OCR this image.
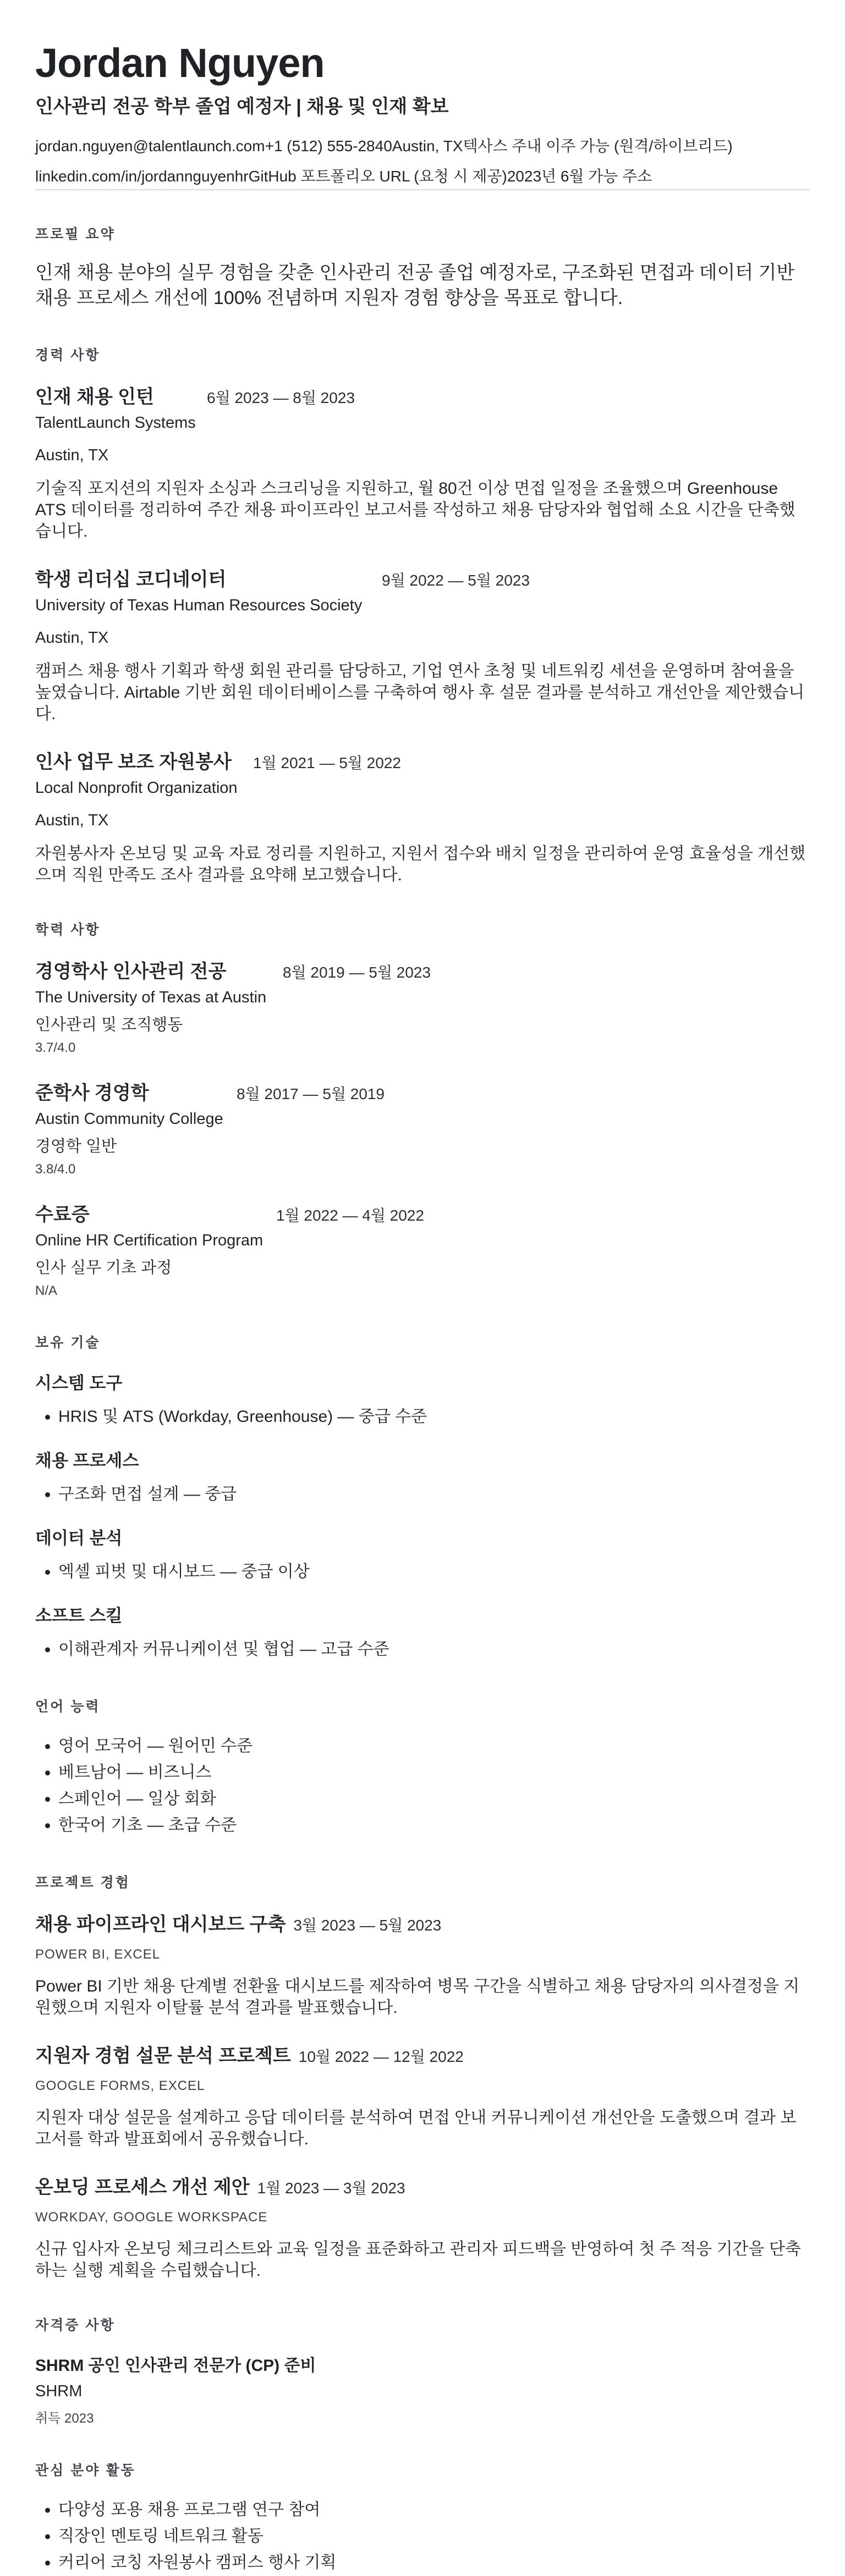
Jordan Nguyen
인사관리 전공 학부 졸업 예정자 | 채용 및 인재 확보
jordan.nguyen@talentlaunch.com+1 (512) 555-2840Austin, TX텍사스 주내 이주 가능 (원격/하이브리드)
linkedin.com/in/jordannguyenhrGitHub 포트폴리오 URL (요청 시 제공)2023년 6월 가능 주소
프로필 요약

인재 채용 분야의 실무 경험을 갖춘 인사관리 전공 졸업 예정자로, 구조화된 면접과 데이터 기반 채용 프로세스 개선에 100% 전념하며 지원자 경험 향상을 목표로 합니다.

경력 사항
인재 채용 인턴	6월 2023 — 8월 2023
TalentLaunch Systems
Austin, TX
기술직 포지션의 지원자 소싱과 스크리닝을 지원하고, 월 80건 이상 면접 일정을 조율했으며 Greenhouse ATS 데이터를 정리하여 주간 채용 파이프라인 보고서를 작성하고 채용 담당자와 협업해 소요 시간을 단축했습니다.
학생 리더십 코디네이터	9월 2022 — 5월 2023
University of Texas Human Resources Society
Austin, TX
캠퍼스 채용 행사 기획과 학생 회원 관리를 담당하고, 기업 연사 초청 및 네트워킹 세션을 운영하며 참여율을 높였습니다. Airtable 기반 회원 데이터베이스를 구축하여 행사 후 설문 결과를 분석하고 개선안을 제안했습니다.
인사 업무 보조 자원봉사	1월 2021 — 5월 2022
Local Nonprofit Organization
Austin, TX
자원봉사자 온보딩 및 교육 자료 정리를 지원하고, 지원서 접수와 배치 일정을 관리하여 운영 효율성을 개선했으며 직원 만족도 조사 결과를 요약해 보고했습니다.
학력 사항
경영학사 인사관리 전공	8월 2019 — 5월 2023
The University of Texas at Austin
인사관리 및 조직행동
3.7/4.0
준학사 경영학	8월 2017 — 5월 2019
Austin Community College
경영학 일반
3.8/4.0
수료증	1월 2022 — 4월 2022
Online HR Certification Program
인사 실무 기초 과정
N/A
보유 기술
시스템 도구
• HRIS 및 ATS (Workday, Greenhouse) — 중급 수준
채용 프로세스
• 구조화 면접 설계 — 중급
데이터 분석
• 엑셀 피벗 및 대시보드 — 중급 이상
소프트 스킬
• 이해관계자 커뮤니케이션 및 협업 — 고급 수준
언어 능력
• 영어 모국어 — 원어민 수준
• 베트남어 — 비즈니스
• 스페인어 — 일상 회화
• 한국어 기초 — 초급 수준
프로젝트 경험
채용 파이프라인 대시보드 구축 3월 2023 — 5월 2023
POWER BI, EXCEL
Power BI 기반 채용 단계별 전환율 대시보드를 제작하여 병목 구간을 식별하고 채용 담당자의 의사결정을 지원했으며 지원자 이탈률 분석 결과를 발표했습니다.
지원자 경험 설문 분석 프로젝트 10월 2022 — 12월 2022
GOOGLE FORMS, EXCEL
지원자 대상 설문을 설계하고 응답 데이터를 분석하여 면접 안내 커뮤니케이션 개선안을 도출했으며 결과 보고서를 학과 발표회에서 공유했습니다.
온보딩 프로세스 개선 제안 1월 2023 — 3월 2023
WORKDAY, GOOGLE WORKSPACE
신규 입사자 온보딩 체크리스트와 교육 일정을 표준화하고 관리자 피드백을 반영하여 첫 주 적응 기간을 단축하는 실행 계획을 수립했습니다.
자격증 사항
SHRM 공인 인사관리 전문가 (CP) 준비
SHRM
취득 2023
관심 분야 활동
• 다양성 포용 채용 프로그램 연구 참여
• 직장인 멘토링 네트워크 활동
• 커리어 코칭 자원봉사 캠퍼스 행사 기획
